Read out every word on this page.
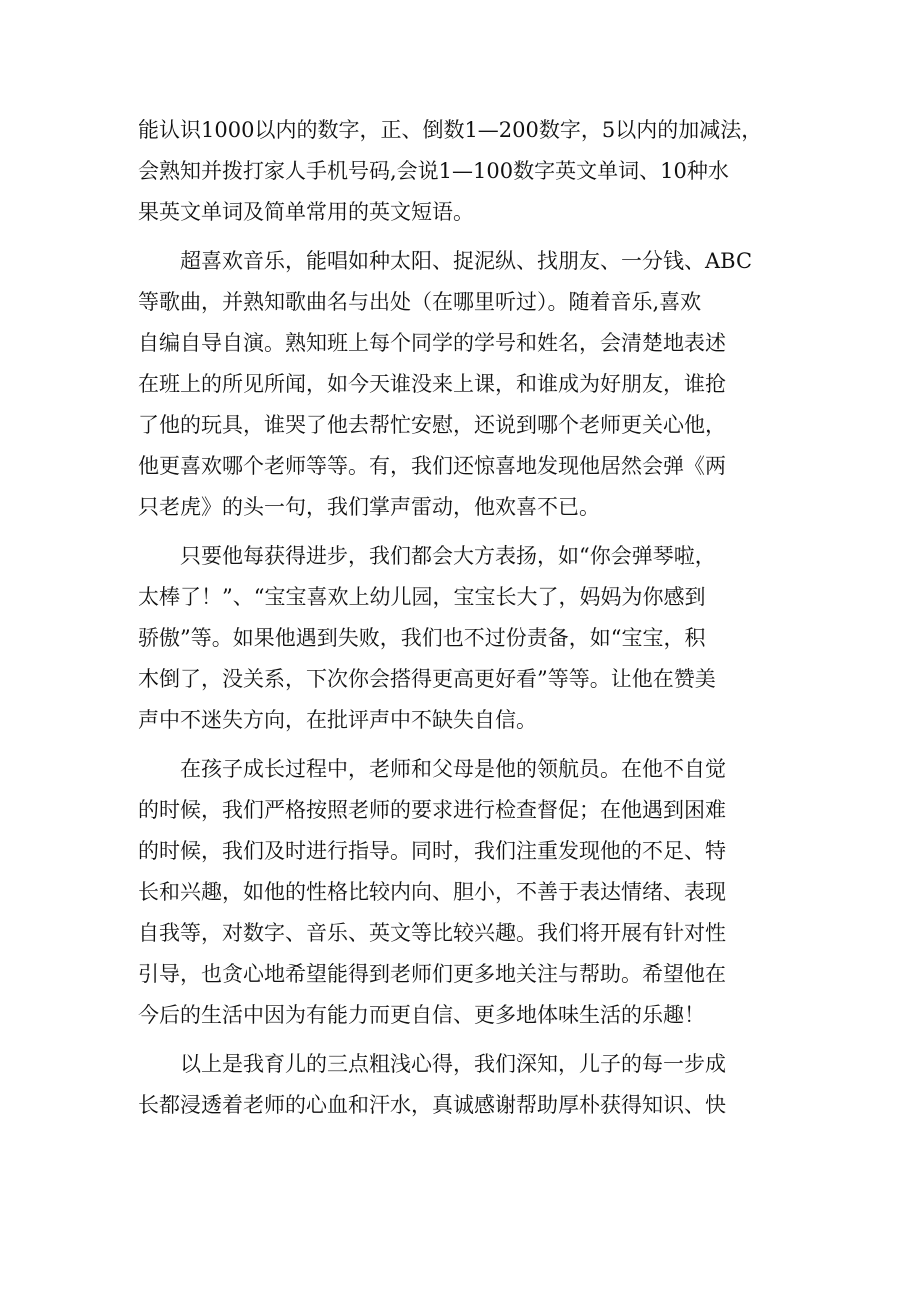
能认识1000以内的数字，正、倒数1—200数字，5以内的加减法，
会熟知并拨打家人手机号码,会说1—100数字英文单词、10种水
果英文单词及简单常用的英文短语。
　　超喜欢音乐，能唱如种太阳、捉泥纵、找朋友、一分钱、ABC
等歌曲，并熟知歌曲名与出处（在哪里听过）。随着音乐,喜欢
自编自导自演。熟知班上每个同学的学号和姓名，会清楚地表述
在班上的所见所闻，如今天谁没来上课，和谁成为好朋友，谁抢
了他的玩具，谁哭了他去帮忙安慰，还说到哪个老师更关心他，
他更喜欢哪个老师等等。有，我们还惊喜地发现他居然会弹《两
只老虎》的头一句，我们掌声雷动，他欢喜不已。
　　只要他每获得进步，我们都会大方表扬，如“你会弹琴啦，
太棒了！”、“宝宝喜欢上幼儿园，宝宝长大了，妈妈为你感到
骄傲”等。如果他遇到失败，我们也不过份责备，如“宝宝，积
木倒了，没关系，下次你会搭得更高更好看”等等。让他在赞美
声中不迷失方向，在批评声中不缺失自信。
　　在孩子成长过程中，老师和父母是他的领航员。在他不自觉
的时候，我们严格按照老师的要求进行检查督促；在他遇到困难
的时候，我们及时进行指导。同时，我们注重发现他的不足、特
长和兴趣，如他的性格比较内向、胆小，不善于表达情绪、表现
自我等，对数字、音乐、英文等比较兴趣。我们将开展有针对性
引导，也贪心地希望能得到老师们更多地关注与帮助。希望他在
今后的生活中因为有能力而更自信、更多地体味生活的乐趣！
　　以上是我育儿的三点粗浅心得，我们深知，儿子的每一步成
长都浸透着老师的心血和汗水，真诚感谢帮助厚朴获得知识、快
